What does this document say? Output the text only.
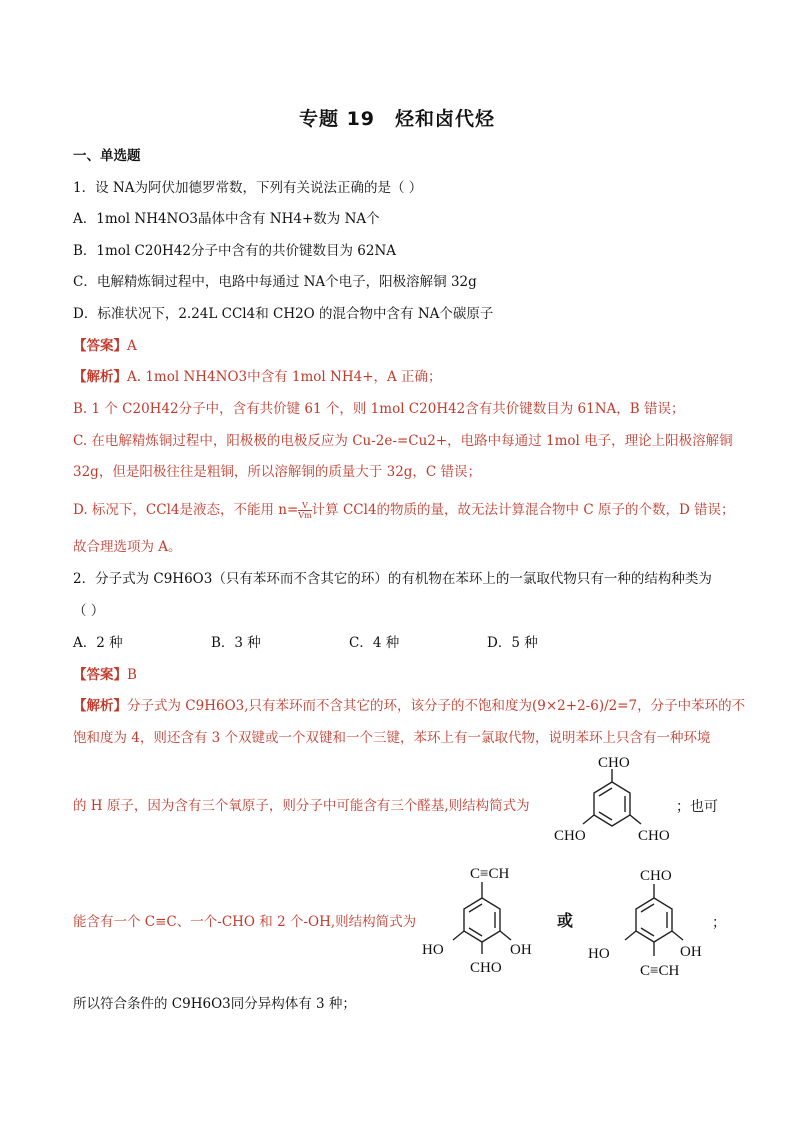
专题 19　烃和卤代烃
一、单选题
1．设 NA为阿伏加德罗常数，下列有关说法正确的是（ ）
A．1mol NH4NO3晶体中含有 NH4+数为 NA个
B．1mol C20H42分子中含有的共价键数目为 62NA
C．电解精炼铜过程中，电路中每通过 NA个电子，阳极溶解铜 32g
D．标准状况下，2.24L CCl4和 CH2O 的混合物中含有 NA个碳原子
【答案】A
【解析】A. 1mol NH4NO3中含有 1mol NH4+，A 正确；
B. 1 个 C20H42分子中，含有共价键 61 个，则 1mol C20H42含有共价键数目为 61NA，B 错误；
C. 在电解精炼铜过程中，阳极极的电极反应为 Cu-2e-=Cu2+，电路中每通过 1mol 电子，理论上阳极溶解铜
32g，但是阳极往往是粗铜，所以溶解铜的质量大于 32g，C 错误；
D. 标况下，CCl4是液态，不能用 $n= \frac{V}{Vm}$ 计算 CCl4的物质的量，故无法计算混合物中 C 原子的个数，D 错误；
故合理选项为 A。
2．分子式为 C9H6O3（只有苯环而不含其它的环）的有机物在苯环上的一氯取代物只有一种的结构种类为
（ ）
A．2 种	B．3 种	C．4 种	D．5 种
【答案】B
【解析】分子式为 C9H6O3,只有苯环而不含其它的环，该分子的不饱和度为(9×2+2-6)/2=7，分子中苯环的不
饱和度为 4，则还含有 3 个双键或一个双键和一个三键，苯环上有一氯取代物，说明苯环上只含有一种环境
的 H 原子，因为含有三个氧原子，则分子中可能含有三个醛基,则结构简式为	；也可
能含有一个 C≡C、一个-CHO 和 2 个-OH,则结构简式为	或	；
所以符合条件的 C9H6O3同分异构体有 3 种；
CHO
CHO	CHO
C≡CH
HO	OH
CHO
CHO
HO	OH
C≡CH
